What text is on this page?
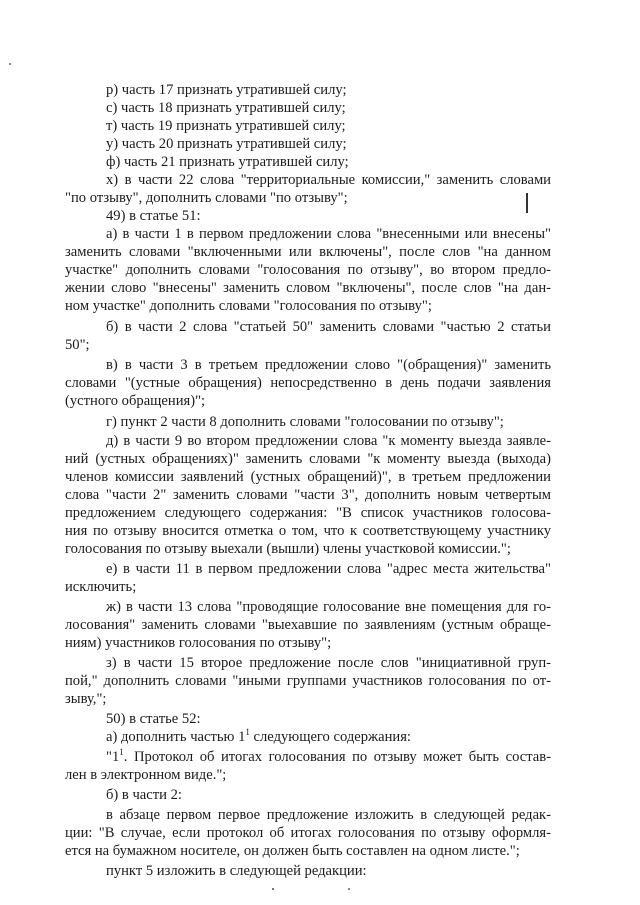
р) часть 17 признать утратившей силу;

с) часть 18 признать утратившей силу;

т) часть 19 признать утратившей силу;

у) часть 20 признать утратившей силу;

ф) часть 21 признать утратившей силу;

х) в части 22 слова "территориальные комиссии," заменить словами

"по отзыву", дополнить словами "по отзыву";

49) в статье 51:

а) в части 1 в первом предложении слова "внесенными или внесены"

заменить словами "включенными или включены", после слов "на данном

участке" дополнить словами "голосования по отзыву", во втором предло-

жении слово "внесены" заменить словом "включены", после слов "на дан-

ном участке" дополнить словами "голосования по отзыву";

б) в части 2 слова "статьей 50" заменить словами "частью 2 статьи

50";

в) в части 3 в третьем предложении слово "(обращения)" заменить

словами "(устные обращения) непосредственно в день подачи заявления

(устного обращения)";

г) пункт 2 части 8 дополнить словами "голосовании по отзыву";

д) в части 9 во втором предложении слова "к моменту выезда заявле-

ний (устных обращениях)" заменить словами "к моменту выезда (выхода)

членов комиссии заявлений (устных обращений)", в третьем предложении

слова "части 2" заменить словами "части 3", дополнить новым четвертым

предложением следующего содержания: "В список участников голосова-

ния по отзыву вносится отметка о том, что к соответствующему участнику

голосования по отзыву выехали (вышли) члены участковой комиссии.";

е) в части 11 в первом предложении слова "адрес места жительства"

исключить;

ж) в части 13 слова "проводящие голосование вне помещения для го-

лосования" заменить словами "выехавшие по заявлениям (устным обраще-

ниям) участников голосования по отзыву";

з) в части 15 второе предложение после слов "инициативной груп-

пой," дополнить словами "иными группами участников голосования по от-

зыву,";

50) в статье 52:

а) дополнить частью $1^1$ следующего содержания:

"$1^1$. Протокол об итогах голосования по отзыву может быть состав-

лен в электронном виде.";

б) в части 2:

в абзаце первом первое предложение изложить в следующей редак-

ции: "В случае, если протокол об итогах голосования по отзыву оформля-

ется на бумажном носителе, он должен быть составлен на одном листе.";

пункт 5 изложить в следующей редакции:
